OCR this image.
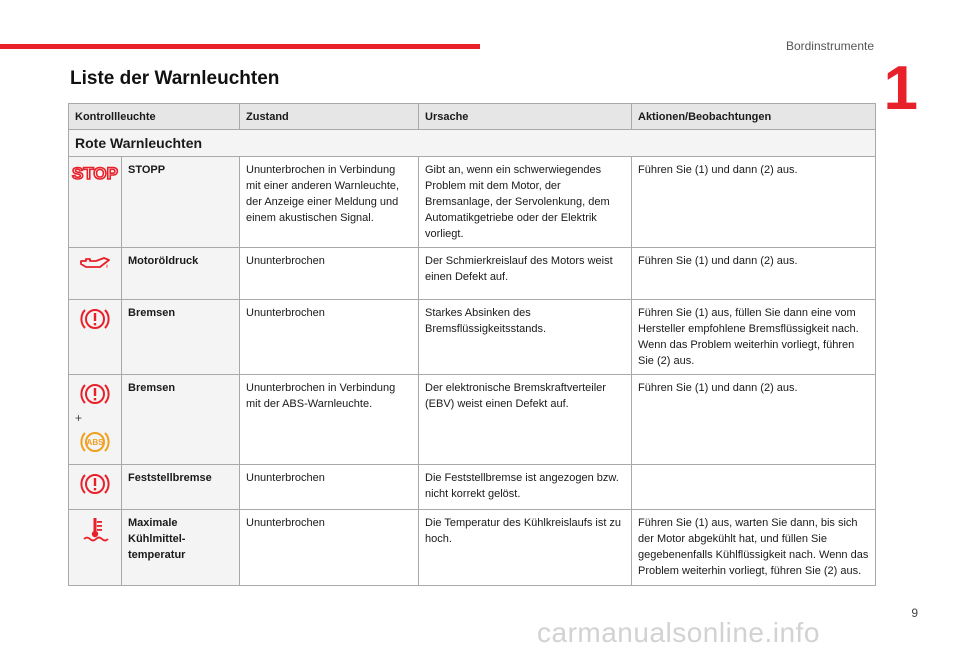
Bordinstrumente
1
Liste der Warnleuchten
Kontrollleuchte		Zustand	Ursache	Aktionen/Beobachtungen
Rote Warnleuchten				

STOP	STOPP	Ununterbrochen in Verbindung mit einer anderen Warnleuchte, der Anzeige einer Meldung und einem akustischen Signal.	Gibt an, wenn ein schwerwiegendes Problem mit dem Motor, der Bremsanlage, der Servolenkung, dem Automatikgetriebe oder der Elektrik vorliegt.	Führen Sie (1) und dann (2) aus.

	Motoröldruck	Ununterbrochen	Der Schmierkreislauf des Motors weist einen Defekt auf.	Führen Sie (1) und dann (2) aus.

	Bremsen	Ununterbrochen	Starkes Absinken des Bremsflüssigkeitsstands.	Führen Sie (1) aus, füllen Sie dann eine vom Hersteller empfohlene Bremsflüssigkeit nach. Wenn das Problem weiterhin vorliegt, führen Sie (2) aus.

+
ABS	Bremsen	Ununterbrochen in Verbindung mit der ABS-Warnleuchte.	Der elektronische Bremskraftverteiler (EBV) weist einen Defekt auf.	Führen Sie (1) und dann (2) aus.

	Feststellbremse	Ununterbrochen	Die Feststellbremse ist angezogen bzw. nicht korrekt gelöst.	

	Maximale Kühlmittel-temperatur	Ununterbrochen	Die Temperatur des Kühlkreislaufs ist zu hoch.	Führen Sie (1) aus, warten Sie dann, bis sich der Motor abgekühlt hat, und füllen Sie gegebenenfalls Kühlflüssigkeit nach. Wenn das Problem weiterhin vorliegt, führen Sie (2) aus.
9
carmanualsonline.info
